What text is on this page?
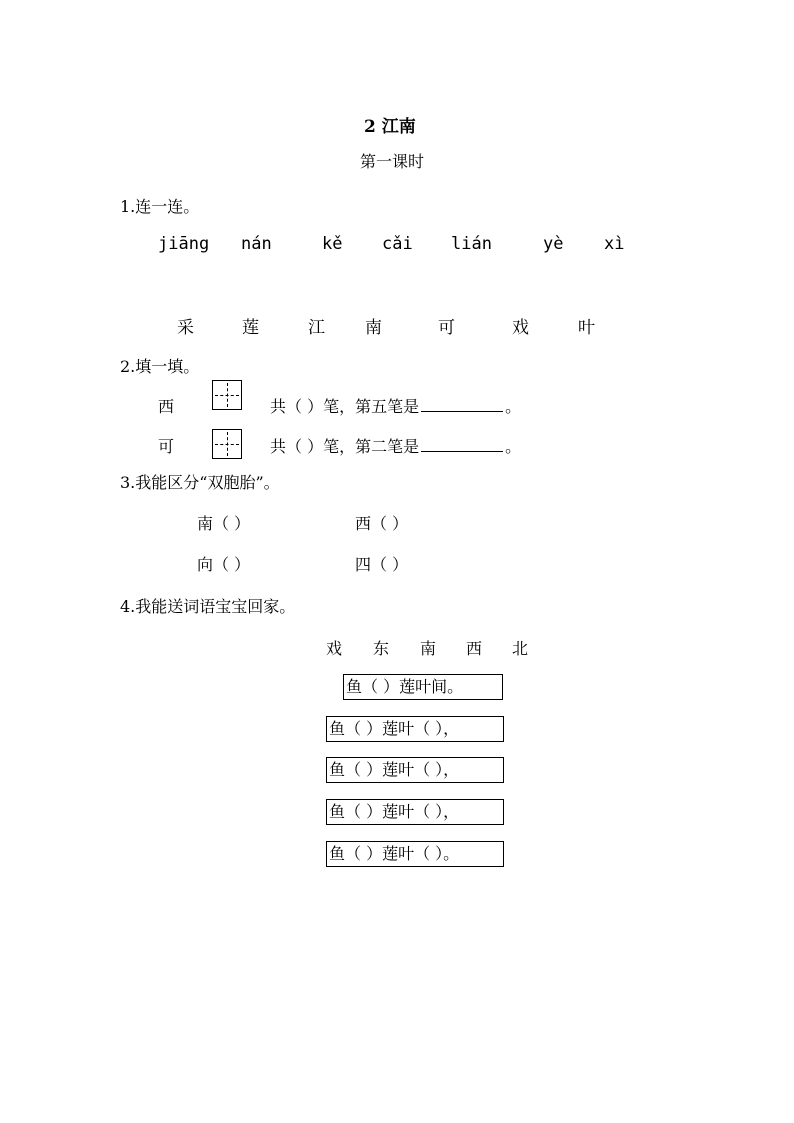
2 江南
第一课时
1.连一连。
jiāng nán	kě cǎi lián	yè xì
采	莲	江 南	可	戏	叶
2.填一填。
西	共（ ）笔，第五笔是	。
可	共（ ）笔，第二笔是	。
3.我能区分“双胞胎”。
南（ ）	西（ ）
向（ ）	四（ ）
4.我能送词语宝宝回家。
戏 东 南 西 北
鱼（ ）莲叶间。
鱼（ ）莲叶（ ），
鱼（ ）莲叶（ ），
鱼（ ）莲叶（ ），
鱼（ ）莲叶（ ）。
